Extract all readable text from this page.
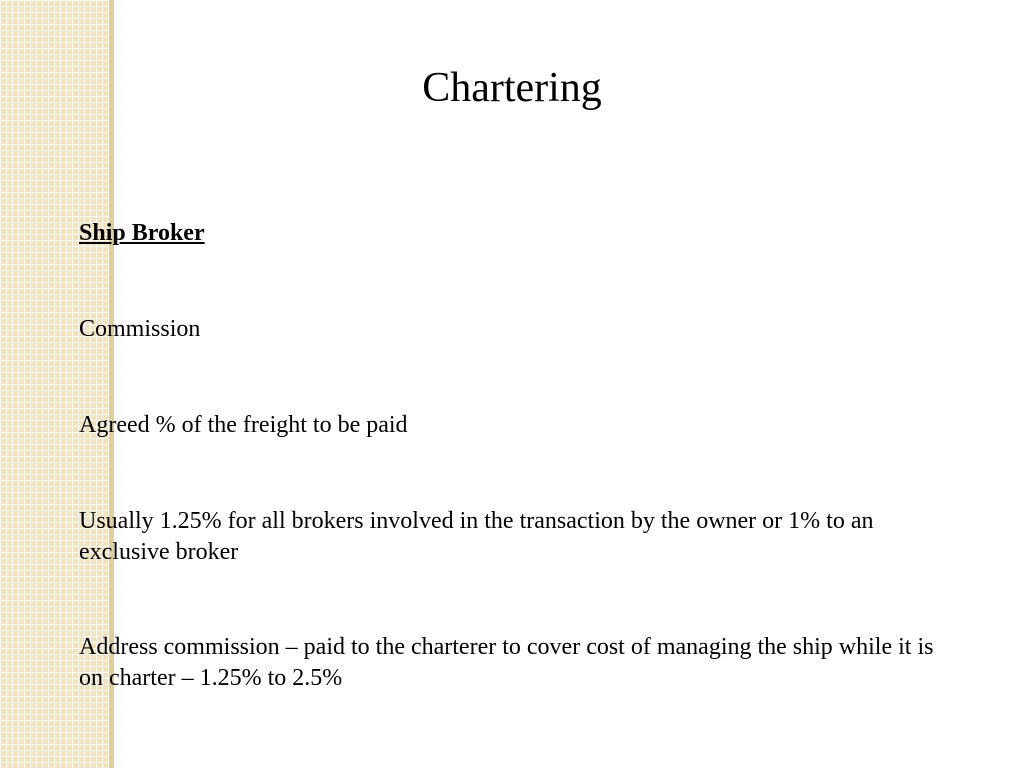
Chartering

Ship Broker

Commission

Agreed % of the freight to be paid

Usually 1.25% for all brokers involved in the transaction by the owner or 1% to an exclusive broker

Address commission – paid to the charterer to cover cost of managing the ship while it is on charter – 1.25% to 2.5%
